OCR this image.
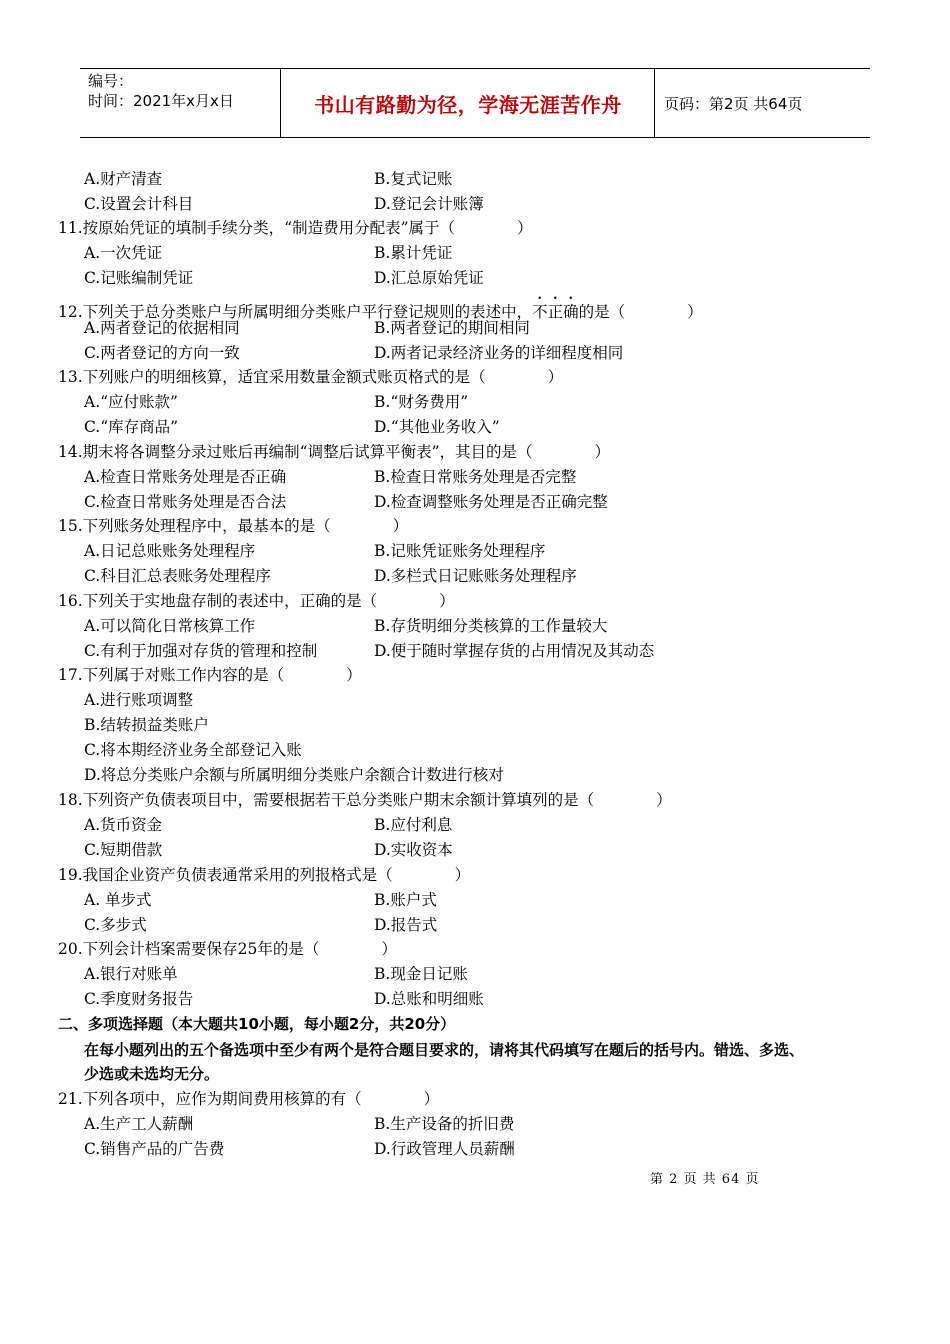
编号：
时间：2021年x月x日	书山有路勤为径，学海无涯苦作舟	页码：第2页 共64页
A.财产清查	B.复式记账
C.设置会计科目	D.登记会计账簿
11.按原始凭证的填制手续分类，“制造费用分配表”属于（　　　　）
A.一次凭证	B.累计凭证
C.记账编制凭证	D.汇总原始凭证
12.下列关于总分类账户与所属明细分类账户平行登记规则的表述中，不正确的是（　　　　）
A.两者登记的依据相同	B.两者登记的期间相同
C.两者登记的方向一致	D.两者记录经济业务的详细程度相同
13.下列账户的明细核算，适宜采用数量金额式账页格式的是（　　　　）
A.“应付账款”	B.“财务费用”
C.“库存商品”	D.“其他业务收入”
14.期末将各调整分录过账后再编制“调整后试算平衡表”，其目的是（　　　　）
A.检查日常账务处理是否正确	B.检查日常账务处理是否完整
C.检查日常账务处理是否合法	D.检查调整账务处理是否正确完整
15.下列账务处理程序中，最基本的是（　　　　）
A.日记总账账务处理程序	B.记账凭证账务处理程序
C.科目汇总表账务处理程序	D.多栏式日记账账务处理程序
16.下列关于实地盘存制的表述中，正确的是（　　　　）
A.可以简化日常核算工作	B.存货明细分类核算的工作量较大
C.有利于加强对存货的管理和控制	D.便于随时掌握存货的占用情况及其动态
17.下列属于对账工作内容的是（　　　　）
A.进行账项调整
B.结转损益类账户
C.将本期经济业务全部登记入账
D.将总分类账户余额与所属明细分类账户余额合计数进行核对
18.下列资产负债表项目中，需要根据若干总分类账户期末余额计算填列的是（　　　　）
A.货币资金	B.应付利息
C.短期借款	D.实收资本
19.我国企业资产负债表通常采用的列报格式是（　　　　）
A. 单步式	B.账户式
C.多步式	D.报告式
20.下列会计档案需要保存25年的是（　　　　）
A.银行对账单	B.现金日记账
C.季度财务报告	D.总账和明细账
二、多项选择题（本大题共10小题，每小题2分，共20分）
在每小题列出的五个备选项中至少有两个是符合题目要求的，请将其代码填写在题后的括号内。错选、多选、
少选或未选均无分。
21.下列各项中，应作为期间费用核算的有（　　　　）
A.生产工人薪酬	B.生产设备的折旧费
C.销售产品的广告费	D.行政管理人员薪酬
第 2 页 共 64 页
